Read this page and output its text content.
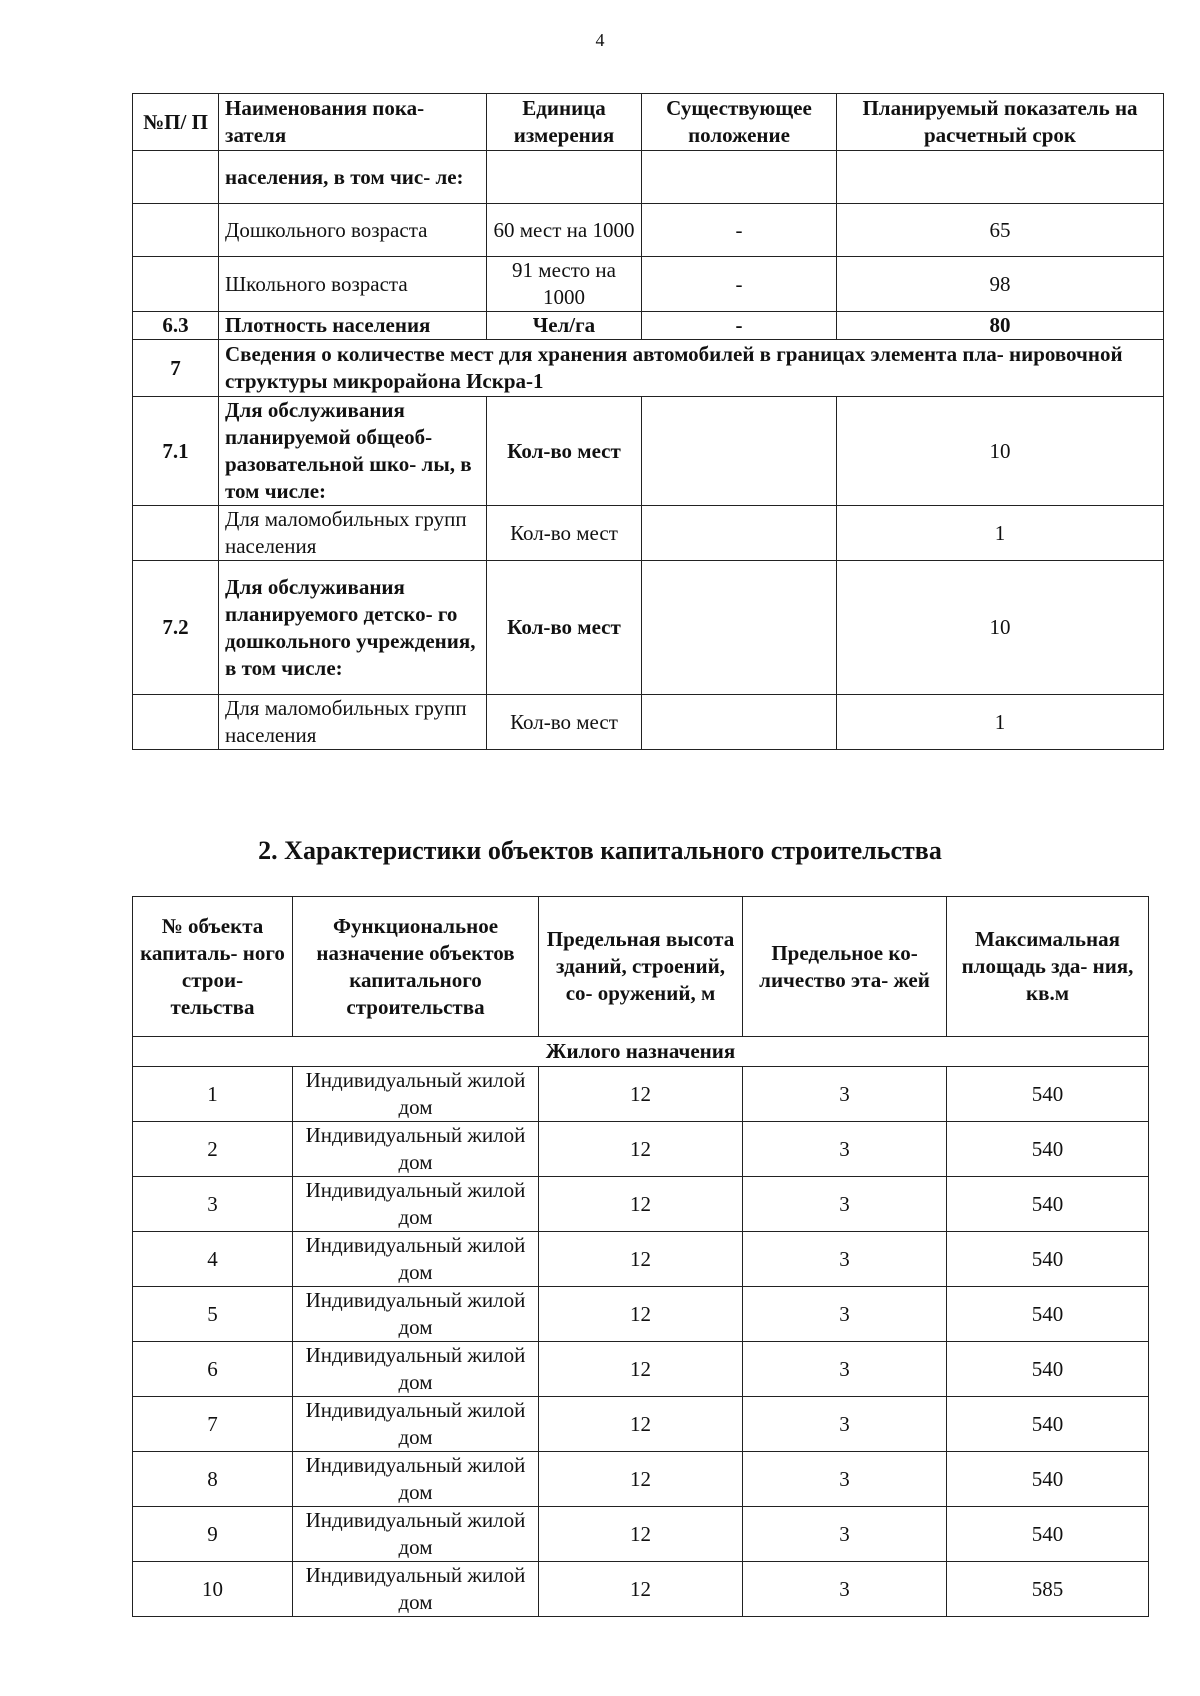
4
№П/ П	Наименования пока- зателя	Единица измерения	Существующее положение	Планируемый показатель на расчетный срок
	населения, в том чис- ле:			
	Дошкольного возраста	60 мест на 1000	-	65
	Школьного возраста	91 место на 1000	-	98
6.3	Плотность населения	Чел/га	-	80
7	Сведения о количестве мест для хранения автомобилей в границах элемента пла- нировочной структуры микрорайона Искра-1			
7.1	Для обслуживания планируемой общеоб- разовательной шко- лы, в том числе:	Кол-во мест		10
	Для маломобильных групп населения	Кол-во мест		1
7.2	Для обслуживания планируемого детско- го дошкольного учреждения, в том числе:	Кол-во мест		10
	Для маломобильных групп населения	Кол-во мест		1
2. Характеристики объектов капитального строительства
№ объекта капиталь- ного строи- тельства	Функциональное назначение объектов капитального строительства	Предельная высота зданий, строений, со- оружений, м	Предельное ко- личество эта- жей	Максимальная площадь зда- ния, кв.м
Жилого назначения				
1	Индивидуальный жилой дом	12	3	540
2	Индивидуальный жилой дом	12	3	540
3	Индивидуальный жилой дом	12	3	540
4	Индивидуальный жилой дом	12	3	540
5	Индивидуальный жилой дом	12	3	540
6	Индивидуальный жилой дом	12	3	540
7	Индивидуальный жилой дом	12	3	540
8	Индивидуальный жилой дом	12	3	540
9	Индивидуальный жилой дом	12	3	540
10	Индивидуальный жилой дом	12	3	585
